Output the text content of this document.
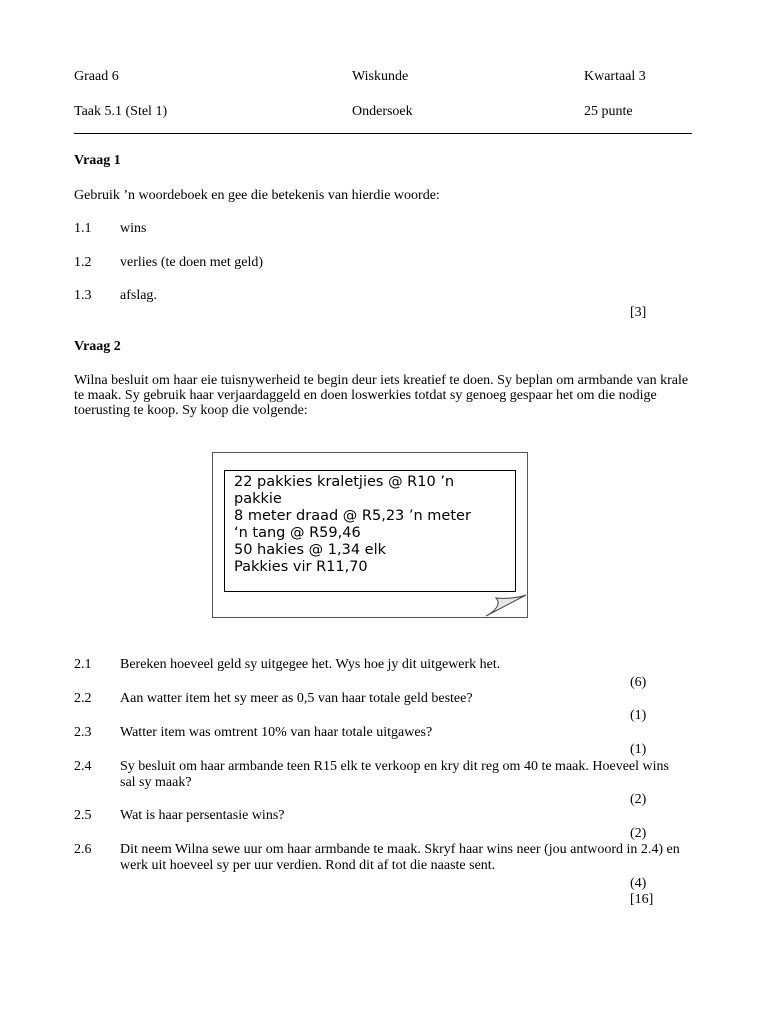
Graad 6	Wiskunde	Kwartaal 3
Taak 5.1 (Stel 1)	Ondersoek	25 punte
Vraag 1
Gebruik ’n woordeboek en gee die betekenis van hierdie woorde:
1.1 wins
1.2 verlies (te doen met geld)
1.3 afslag.
[3]
Vraag 2
Wilna besluit om haar eie tuisnywerheid te begin deur iets kreatief te doen. Sy beplan om armbande van krale te maak. Sy gebruik haar verjaardaggeld en doen loswerkies totdat sy genoeg gespaar het om die nodige toerusting te koop. Sy koop die volgende:
22 pakkies kraletjies @ R10 ’n pakkie
8 meter draad @ R5,23 ’n meter
‘n tang @ R59,46
50 hakies @ 1,34 elk
Pakkies vir R11,70
2.1 Bereken hoeveel geld sy uitgegee het. Wys hoe jy dit uitgewerk het.
(6)
2.2 Aan watter item het sy meer as 0,5 van haar totale geld bestee?
(1)
2.3 Watter item was omtrent 10% van haar totale uitgawes?
(1)
2.4 Sy besluit om haar armbande teen R15 elk te verkoop en kry dit reg om 40 te maak. Hoeveel wins sal sy maak?
(2)
2.5 Wat is haar persentasie wins?
(2)
2.6 Dit neem Wilna sewe uur om haar armbande te maak. Skryf haar wins neer (jou antwoord in 2.4) en werk uit hoeveel sy per uur verdien. Rond dit af tot die naaste sent.
(4)
[16]
